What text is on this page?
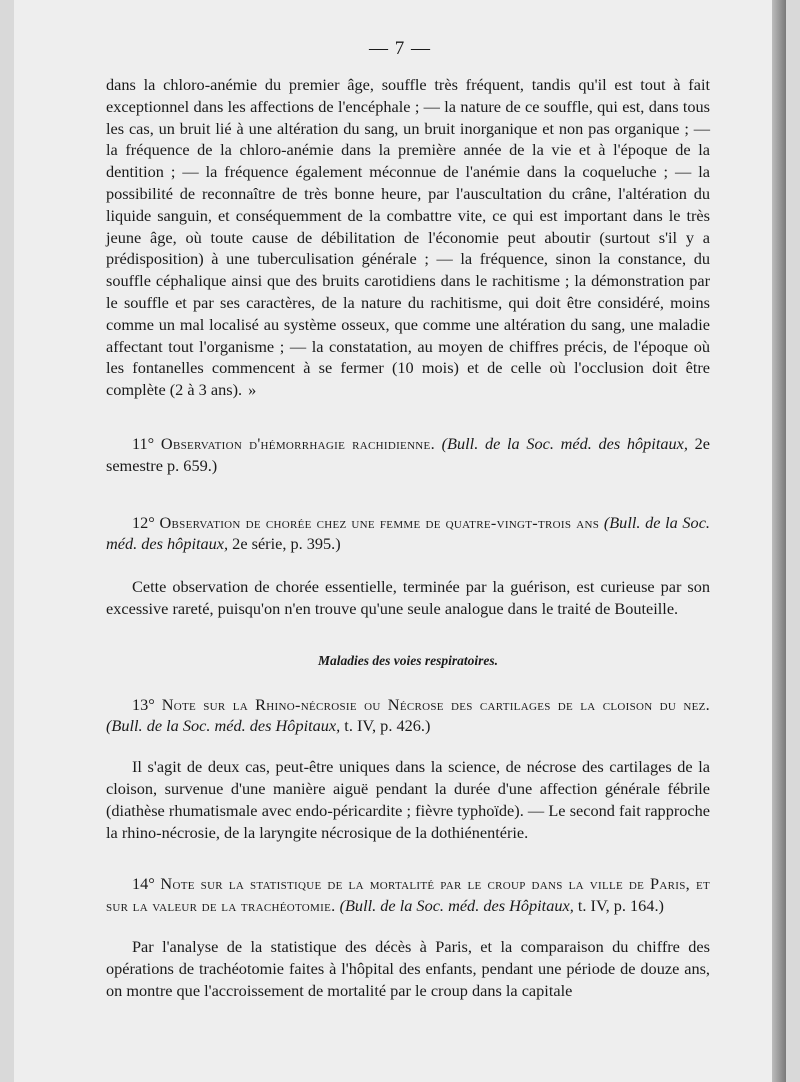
— 7 —

dans la chloro-anémie du premier âge, souffle très fréquent, tandis qu'il est tout à fait exceptionnel dans les affections de l'encéphale ; — la nature de ce souffle, qui est, dans tous les cas, un bruit lié à une altération du sang, un bruit inorganique et non pas organique ; — la fréquence de la chloro-anémie dans la première année de la vie et à l'époque de la dentition ; — la fréquence également méconnue de l'anémie dans la coqueluche ; — la possibilité de reconnaître de très bonne heure, par l'auscultation du crâne, l'altération du liquide sanguin, et conséquemment de la combattre vite, ce qui est important dans le très jeune âge, où toute cause de débilitation de l'économie peut aboutir (surtout s'il y a prédisposition) à une tuberculisation générale ; — la fréquence, sinon la constance, du souffle céphalique ainsi que des bruits carotidiens dans le rachitisme ; la démonstration par le souffle et par ses caractères, de la nature du rachitisme, qui doit être considéré, moins comme un mal localisé au système osseux, que comme une altération du sang, une maladie affectant tout l'organisme ; — la constatation, au moyen de chiffres précis, de l'époque où les fontanelles commencent à se fermer (10 mois) et de celle où l'occlusion doit être complète (2 à 3 ans). »

11° Observation d'hémorrhagie rachidienne. (Bull. de la Soc. méd. des hôpitaux, 2e semestre p. 659.)

12° Observation de chorée chez une femme de quatre-vingt-trois ans (Bull. de la Soc. méd. des hôpitaux, 2e série, p. 395.)

Cette observation de chorée essentielle, terminée par la guérison, est curieuse par son excessive rareté, puisqu'on n'en trouve qu'une seule analogue dans le traité de Bouteille.

Maladies des voies respiratoires.

13° Note sur la Rhino-nécrosie ou Nécrose des cartilages de la cloison du nez. (Bull. de la Soc. méd. des Hôpitaux, t. IV, p. 426.)

Il s'agit de deux cas, peut-être uniques dans la science, de nécrose des cartilages de la cloison, survenue d'une manière aiguë pendant la durée d'une affection générale fébrile (diathèse rhumatismale avec endo-péricardite ; fièvre typhoïde). — Le second fait rapproche la rhino-nécrosie, de la laryngite nécrosique de la dothiénentérie.

14° Note sur la statistique de la mortalité par le croup dans la ville de Paris, et sur la valeur de la trachéotomie. (Bull. de la Soc. méd. des Hôpitaux, t. IV, p. 164.)

Par l'analyse de la statistique des décès à Paris, et la comparaison du chiffre des opérations de trachéotomie faites à l'hôpital des enfants, pendant une période de douze ans, on montre que l'accroissement de mortalité par le croup dans la capitale
